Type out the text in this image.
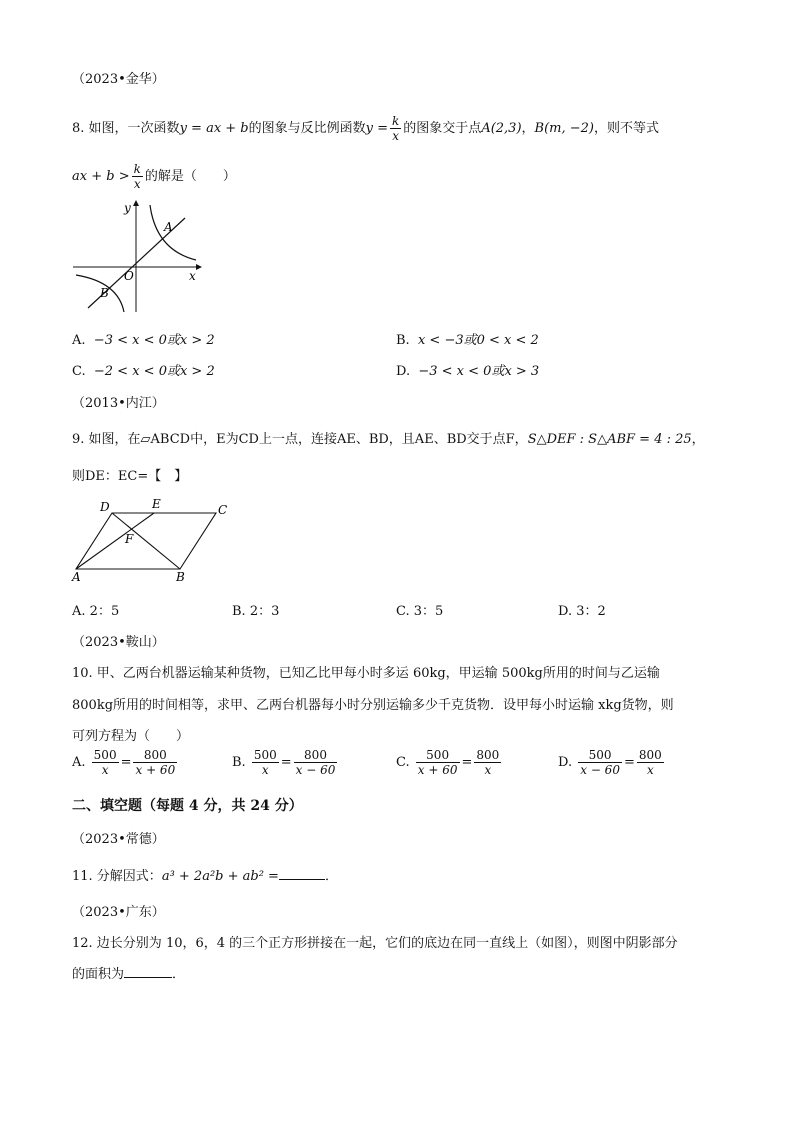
（2023•金华）
8. 如图，一次函数y = ax + b的图象与反比例函数$y = \frac{k}{x}$ 的图象交于点A(2,3)，B(m, −2)，则不等式
ax + $b > \frac{k}{x}$ 的解是（　　）
y
x
O
A
B
A. −3 < x < 0或x > 2	B. x < −3或0 < x < 2
C. −2 < x < 0或x > 2	D. −3 < x < 0或x > 3
（2013•内江）
9. 如图，在▱ABCD中，E为CD上一点，连接AE、BD，且AE、BD交于点F，S△DEF : S△ABF = 4 : 25，
则DE：EC=【　】
D	E	C
F
A	B
A. 2：5	B. 2：3	C. 3：5	D. 3：2
（2023•鞍山）
10. 甲、乙两台机器运输某种货物，已知乙比甲每小时多运 60kg，甲运输 500kg所用的时间与乙运输
800kg所用的时间相等，求甲、乙两台机器每小时分别运输多少千克货物．设甲每小时运输 xkg货物，则
可列方程为（　　）
A. $\frac{500}{x} = \frac{800}{x + 60}$	B. $\frac{500}{x} = \frac{800}{x - 60}$	C. $\frac{500}{x + 60} = \frac{800}{x}$	D. $\frac{500}{x - 60} = \frac{800}{x}$
二、填空题（每题 4 分，共 24 分）
（2023•常德）
11. 分解因式：a³ + 2a²b + ab² =	．
（2023•广东）
12. 边长分别为 10，6，4 的三个正方形拼接在一起，它们的底边在同一直线上（如图），则图中阴影部分
的面积为	．
